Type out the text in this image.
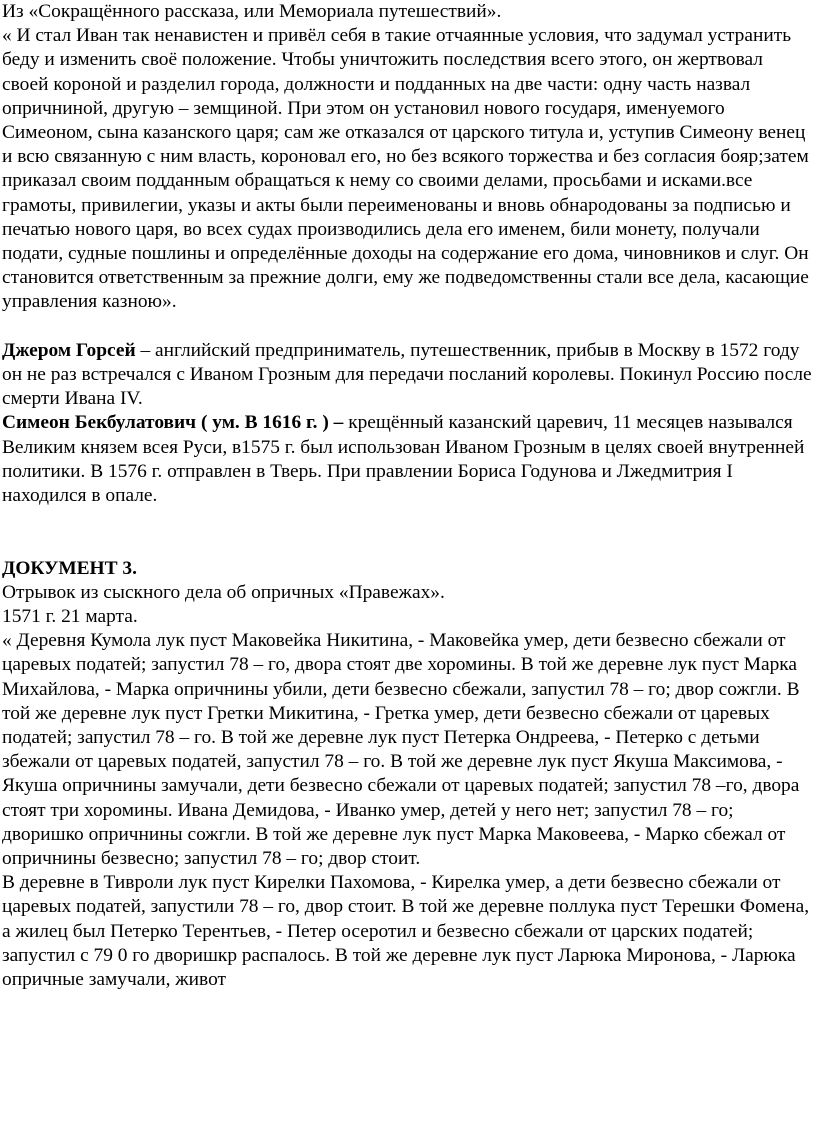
Из «Сокращённого рассказа, или Мемориала путешествий».

« И стал Иван так ненавистен и привёл себя в такие отчаянные условия, что задумал устранить беду и изменить своё положение. Чтобы уничтожить последствия всего этого, он жертвовал своей короной и разделил города, должности и подданных на две части: одну часть назвал опричниной, другую – земщиной. При этом он установил нового государя, именуемого Симеоном, сына казанского царя; сам же отказался от царского титула и, уступив Симеону венец и всю связанную с ним власть, короновал его, но без всякого торжества и без согласия бояр;затем приказал своим подданным обращаться к нему со своими делами, просьбами и исками.все грамоты, привилегии, указы и акты были переименованы и вновь обнародованы за подписью и печатью нового царя, во всех судах производились дела его именем, били монету, получали подати, судные пошлины и определённые доходы на содержание его дома, чиновников и слуг. Он становится ответственным за прежние долги, ему же подведомственны стали все дела, касающие управления казною».

Джером Горсей – английский предприниматель, путешественник, прибыв в Москву в 1572 году он не раз встречался с Иваном Грозным для передачи посланий королевы. Покинул Россию после смерти Ивана IV.

Симеон Бекбулатович ( ум. В 1616 г. ) – крещённый казанский царевич, 11 месяцев назывался Великим князем всея Руси, в1575 г. был использован Иваном Грозным в целях своей внутренней политики. В 1576 г. отправлен в Тверь. При правлении Бориса Годунова и Лжедмитрия I находился в опале.

ДОКУМЕНТ 3.

Отрывок из сыскного дела об опричных «Правежах».

1571 г. 21 марта.

« Деревня Кумола лук пуст Маковейка Никитина, - Маковейка умер, дети безвесно сбежали от царевых податей; запустил 78 – го, двора стоят две хоромины. В той же деревне лук пуст Марка Михайлова, - Марка опричнины убили, дети безвесно сбежали, запустил 78 – го; двор сожгли. В той же деревне лук пуст Гретки Микитина, - Гретка умер, дети безвесно сбежали от царевых податей; запустил 78 – го. В той же деревне лук пуст Петерка Ондреева, - Петерко с детьми збежали от царевых податей, запустил 78 – го. В той же деревне лук пуст Якуша Максимова, - Якуша опричнины замучали, дети безвесно сбежали от царевых податей; запустил 78 –го, двора стоят три хоромины. Ивана Демидова, - Иванко умер, детей у него нет; запустил 78 – го; дворишко опричнины сожгли. В той же деревне лук пуст Марка Маковеева, - Марко сбежал от опричнины безвесно; запустил 78 – го; двор стоит.

В деревне в Тивроли лук пуст Кирелки Пахомова, - Кирелка умер, а дети безвесно сбежали от царевых податей, запустили 78 – го, двор стоит. В той же деревне поллука пуст Терешки Фомена, а жилец был Петерко Терентьев, - Петер осеротил и безвесно сбежали от царских податей; запустил с 79 0 го дворишкр распалось. В той же деревне лук пуст Ларюка Миронова, - Ларюка опричные замучали, живот
